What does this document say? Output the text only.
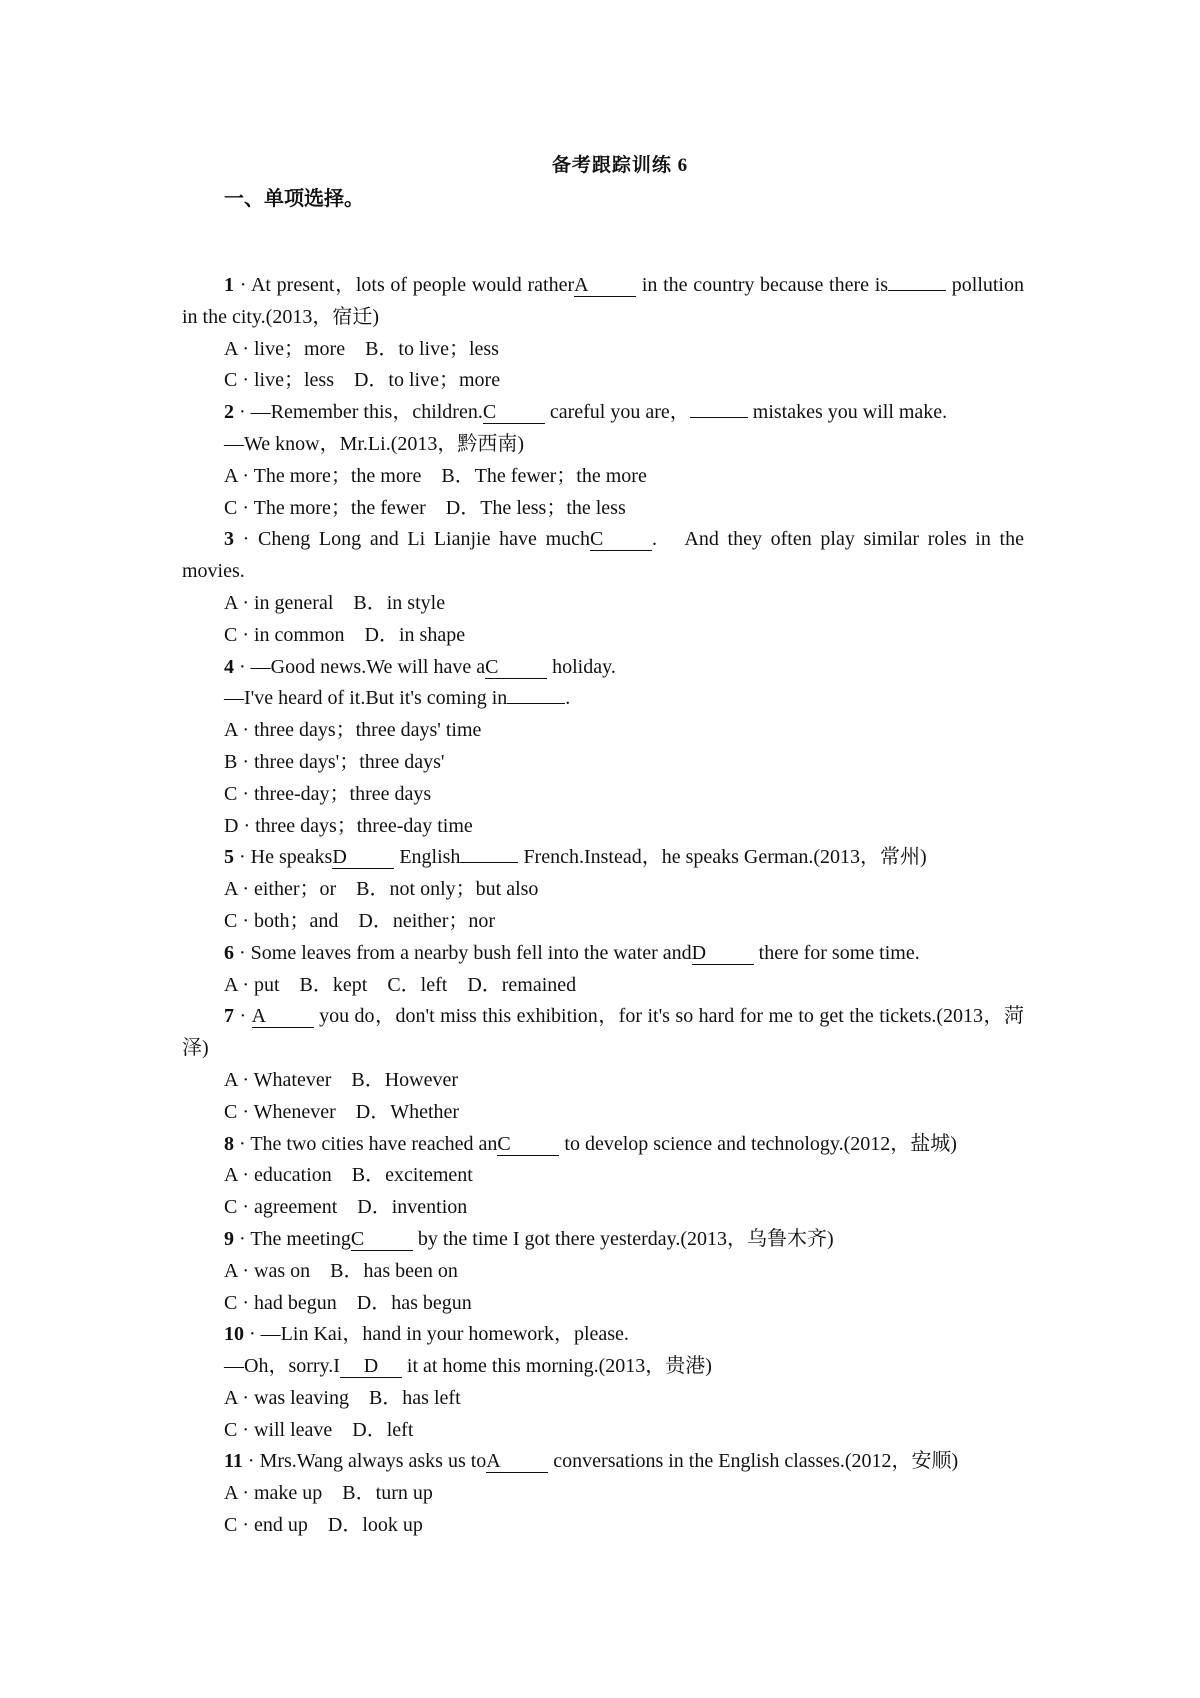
备考跟踪训练 6
一、单项选择。
1 · At present，lots of people would ratherA in the country because there is	pollution in the city.(2013，宿迁)
A · live；more　B．to live；less
C · live；less　D．to live；more
2 · —Remember this，children.C careful you are，	mistakes you will make.
—We know，Mr.Li.(2013，黔西南)
A · The more；the more　B．The fewer；the more
C · The more；the fewer　D．The less；the less
3 · Cheng Long and Li Lianjie have muchC .　And they often play similar roles in the movies.
A · in general　B．in style
C · in common　D．in shape
4 · —Good news.We will have aC holiday.
—I've heard of it.But it's coming in	.
A · three days；three days' time
B · three days'；three days'
C · three-day；three days
D · three days；three-day time
5 · He speaksD English	French.Instead，he speaks German.(2013，常州)
A · either；or　B．not only；but also
C · both；and　D．neither；nor
6 · Some leaves from a nearby bush fell into the water andD there for some time.
A · put　B．kept　C．left　D．remained
7 · A you do，don't miss this exhibition，for it's so hard for me to get the tickets.(2013，菏泽)
A · Whatever　B．However
C · Whenever　D．Whether
8 · The two cities have reached anC to develop science and technology.(2012，盐城)
A · education　B．excitement
C · agreement　D．invention
9 · The meetingC by the time I got there yesterday.(2013，乌鲁木齐)
A · was on　B．has been on
C · had begun　D．has begun
10 · —Lin Kai，hand in your homework，please.
—Oh，sorry.I D it at home this morning.(2013，贵港)
A · was leaving　B．has left
C · will leave　D．left
11 · Mrs.Wang always asks us toA conversations in the English classes.(2012，安顺)
A · make up　B．turn up
C · end up　D．look up
